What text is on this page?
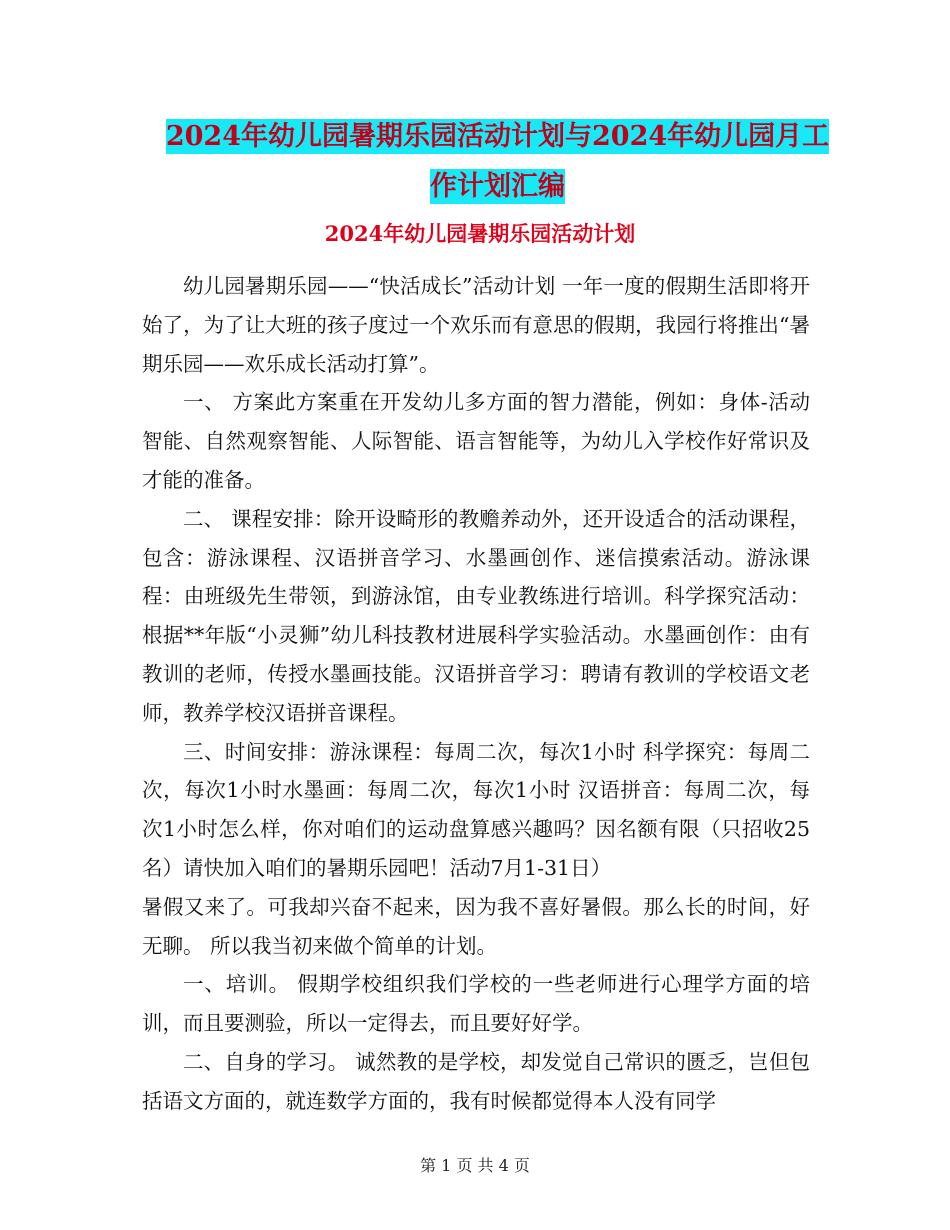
2024年幼儿园暑期乐园活动计划与2024年幼儿园月工
作计划汇编
2024年幼儿园暑期乐园活动计划

幼儿园暑期乐园——“快活成长”活动计划 一年一度的假期生活即将开始了，为了让大班的孩子度过一个欢乐而有意思的假期，我园行将推出“暑期乐园——欢乐成长活动打算”。

一、 方案此方案重在开发幼儿多方面的智力潜能，例如：身体-活动智能、自然观察智能、人际智能、语言智能等，为幼儿入学校作好常识及才能的准备。

二、 课程安排：除开设畸形的教赡养动外，还开设适合的活动课程，包含：游泳课程、汉语拼音学习、水墨画创作、迷信摸索活动。游泳课程：由班级先生带领，到游泳馆，由专业教练进行培训。科学探究活动：根据**年版“小灵狮”幼儿科技教材进展科学实验活动。水墨画创作：由有教训的老师，传授水墨画技能。汉语拼音学习：聘请有教训的学校语文老师，教养学校汉语拼音课程。

三、时间安排：游泳课程：每周二次，每次1小时 科学探究：每周二次，每次1小时水墨画：每周二次，每次1小时 汉语拼音：每周二次，每次1小时怎么样，你对咱们的运动盘算感兴趣吗？因名额有限（只招收25名）请快加入咱们的暑期乐园吧！活动7月1-31日）

暑假又来了。可我却兴奋不起来，因为我不喜好暑假。那么长的时间，好无聊。 所以我当初来做个简单的计划。

一、培训。 假期学校组织我们学校的一些老师进行心理学方面的培训，而且要测验，所以一定得去，而且要好好学。

二、自身的学习。 诚然教的是学校，却发觉自己常识的匮乏，岂但包括语文方面的，就连数学方面的，我有时候都觉得本人没有同学

第 1 页 共 4 页
